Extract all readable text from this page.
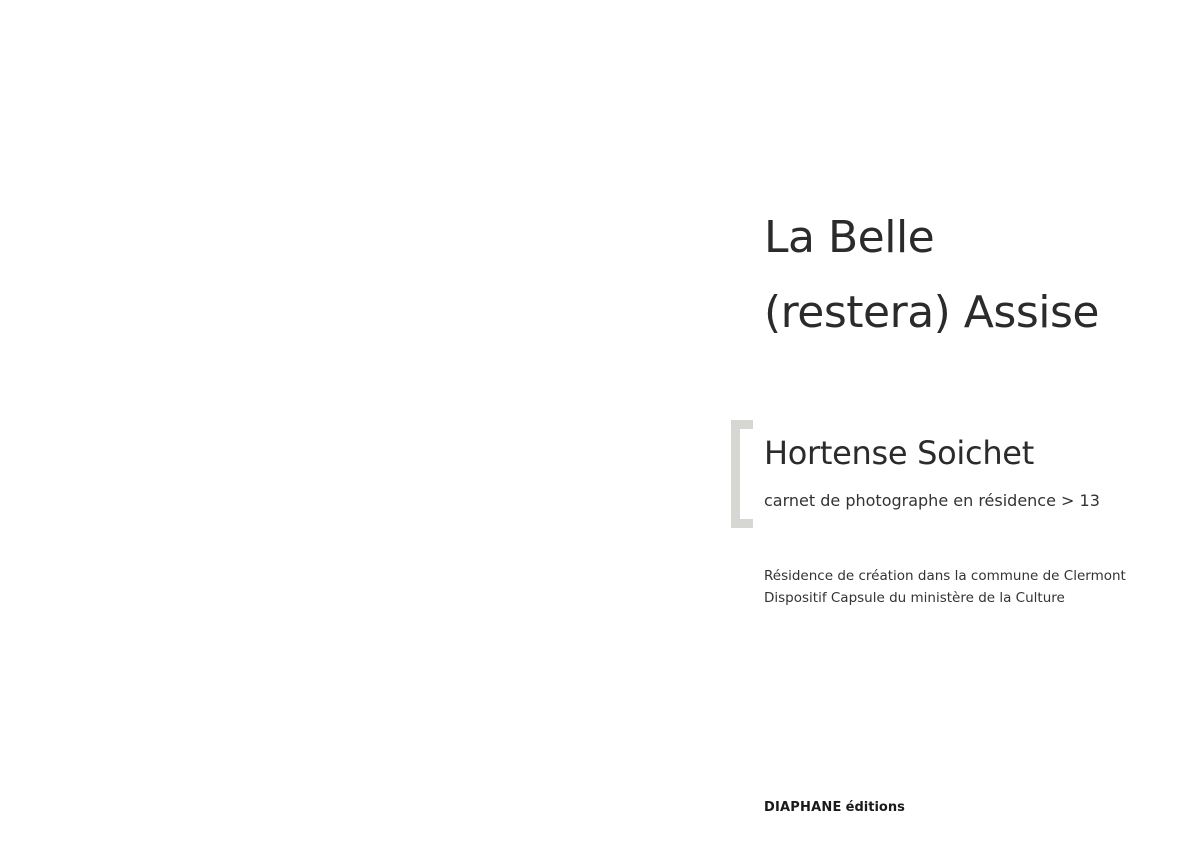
La Belle
(restera) Assise
Hortense Soichet

carnet de photographe en résidence > 13

Résidence de création dans la commune de Clermont
Dispositif Capsule du ministère de la Culture

DIAPHANE éditions
